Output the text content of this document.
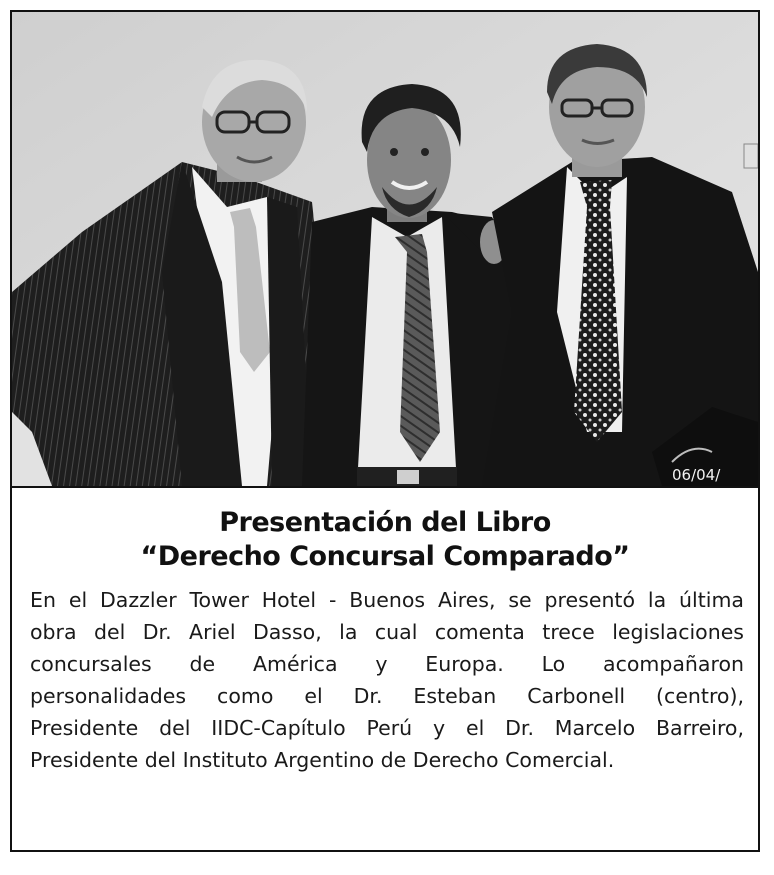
06/04/
Presentación del Libro
“Derecho Concursal Comparado”
En el Dazzler Tower Hotel - Buenos Aires, se presentó la última
obra del Dr. Ariel Dasso, la cual comenta trece legislaciones
concursales de América y Europa. Lo acompañaron
personalidades como el Dr. Esteban Carbonell (centro),
Presidente del IIDC-Capítulo Perú y el Dr. Marcelo Barreiro,
Presidente del Instituto Argentino de Derecho Comercial.
